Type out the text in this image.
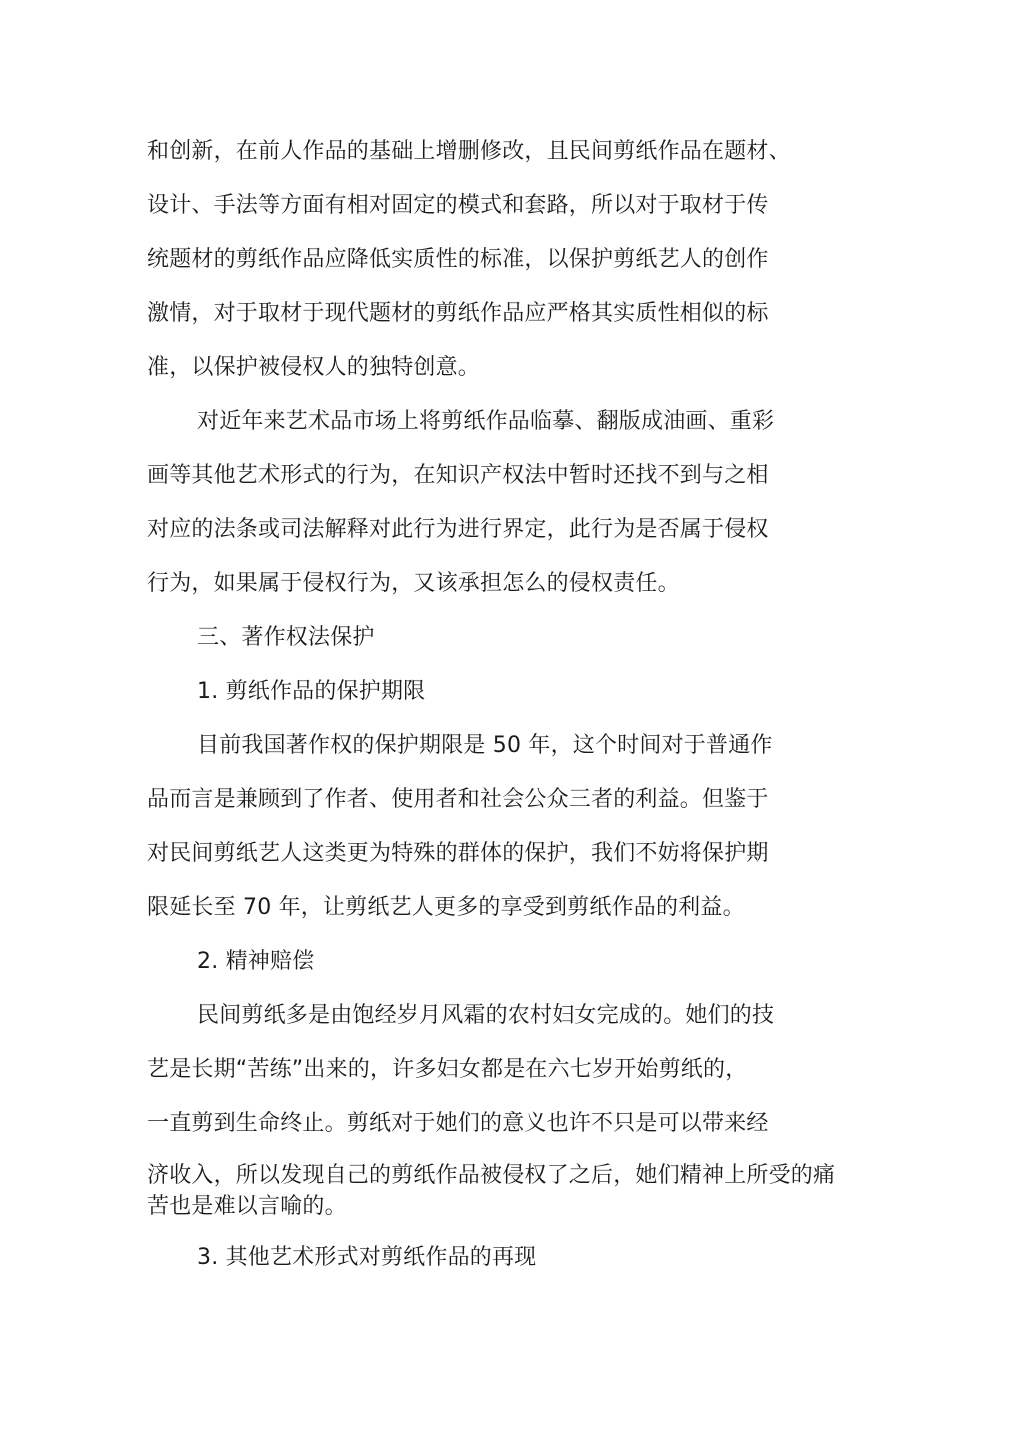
和创新，在前人作品的基础上增删修改，且民间剪纸作品在题材、
设计、手法等方面有相对固定的模式和套路，所以对于取材于传
统题材的剪纸作品应降低实质性的标准，以保护剪纸艺人的创作
激情，对于取材于现代题材的剪纸作品应严格其实质性相似的标
准，以保护被侵权人的独特创意。
对近年来艺术品市场上将剪纸作品临摹、翻版成油画、重彩
画等其他艺术形式的行为，在知识产权法中暂时还找不到与之相
对应的法条或司法解释对此行为进行界定，此行为是否属于侵权
行为，如果属于侵权行为，又该承担怎么的侵权责任。
三、著作权法保护
1. 剪纸作品的保护期限
目前我国著作权的保护期限是 50 年，这个时间对于普通作
品而言是兼顾到了作者、使用者和社会公众三者的利益。但鉴于
对民间剪纸艺人这类更为特殊的群体的保护，我们不妨将保护期
限延长至 70 年，让剪纸艺人更多的享受到剪纸作品的利益。
2. 精神赔偿
民间剪纸多是由饱经岁月风霜的农村妇女完成的。她们的技
艺是长期“苦练”出来的，许多妇女都是在六七岁开始剪纸的，
一直剪到生命终止。剪纸对于她们的意义也许不只是可以带来经
济收入，所以发现自己的剪纸作品被侵权了之后，她们精神上所受的痛
苦也是难以言喻的。
3. 其他艺术形式对剪纸作品的再现
